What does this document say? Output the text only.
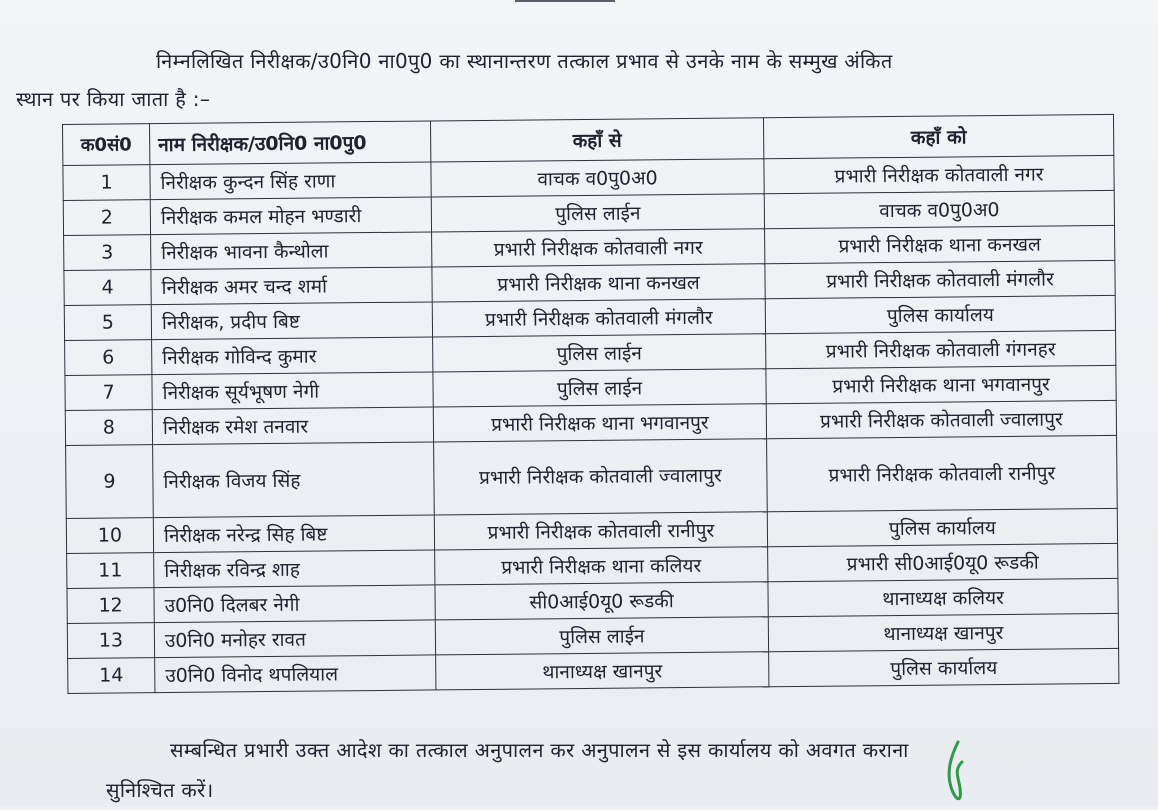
निम्नलिखित निरीक्षक/उ0नि0 ना0पु0 का स्थानान्तरण तत्काल प्रभाव से उनके नाम के सम्मुख अंकित
स्थान पर किया जाता है :–

क0सं0	नाम निरीक्षक/उ0नि0 ना0पु0	कहाँ से	कहाँ को
1	निरीक्षक कुन्दन सिंह राणा	वाचक व0पु0अ0	प्रभारी निरीक्षक कोतवाली नगर
2	निरीक्षक कमल मोहन भण्डारी	पुलिस लाईन	वाचक व0पु0अ0
3	निरीक्षक भावना कैन्थोला	प्रभारी निरीक्षक कोतवाली नगर	प्रभारी निरीक्षक थाना कनखल
4	निरीक्षक अमर चन्द शर्मा	प्रभारी निरीक्षक थाना कनखल	प्रभारी निरीक्षक कोतवाली मंगलौर
5	निरीक्षक, प्रदीप बिष्ट	प्रभारी निरीक्षक कोतवाली मंगलौर	पुलिस कार्यालय
6	निरीक्षक गोविन्द कुमार	पुलिस लाईन	प्रभारी निरीक्षक कोतवाली गंगनहर
7	निरीक्षक सूर्यभूषण नेगी	पुलिस लाईन	प्रभारी निरीक्षक थाना भगवानपुर
8	निरीक्षक रमेश तनवार	प्रभारी निरीक्षक थाना भगवानपुर	प्रभारी निरीक्षक कोतवाली ज्वालापुर
9	निरीक्षक विजय सिंह	प्रभारी निरीक्षक कोतवाली ज्वालापुर	प्रभारी निरीक्षक कोतवाली रानीपुर
10	निरीक्षक नरेन्द्र सिह बिष्ट	प्रभारी निरीक्षक कोतवाली रानीपुर	पुलिस कार्यालय
11	निरीक्षक रविन्द्र शाह	प्रभारी निरीक्षक थाना कलियर	प्रभारी सी0आई0यू0 रूडकी
12	उ0नि0 दिलबर नेगी	सी0आई0यू0 रूडकी	थानाध्यक्ष कलियर
13	उ0नि0 मनोहर रावत	पुलिस लाईन	थानाध्यक्ष खानपुर
14	उ0नि0 विनोद थपलियाल	थानाध्यक्ष खानपुर	पुलिस कार्यालय

सम्बन्धित प्रभारी उक्त आदेश का तत्काल अनुपालन कर अनुपालन से इस कार्यालय को अवगत कराना
सुनिश्चित करें।
